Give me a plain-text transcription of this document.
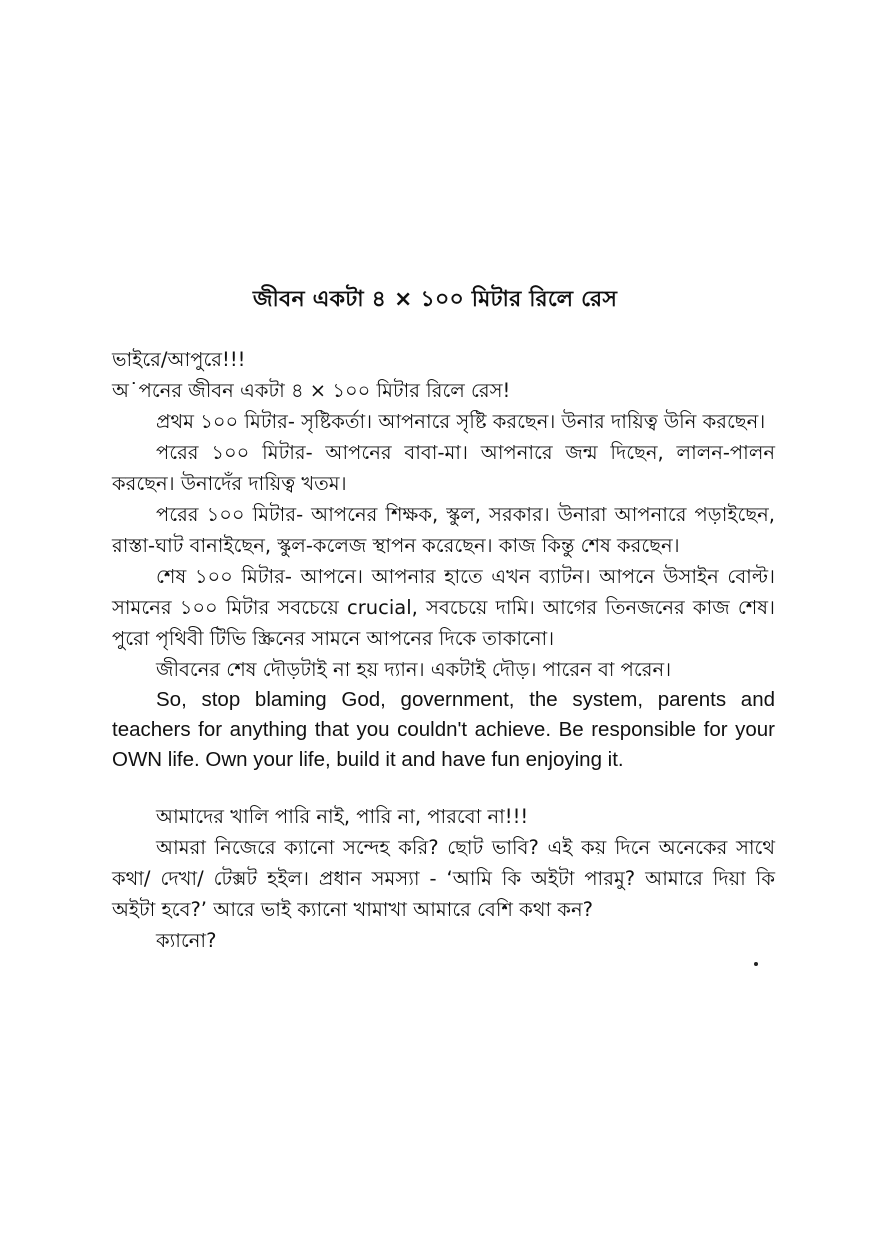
জীবন একটা ৪ × ১০০ মিটার রিলে রেস

ভাইরে/আপুরে!!!

অ˙পনের জীবন একটা ৪ × ১০০ মিটার রিলে রেস!

প্রথম ১০০ মিটার- সৃষ্টিকর্তা। আপনারে সৃষ্টি করছেন। উনার দায়িত্ব উনি করছেন।

পরের ১০০ মিটার- আপনের বাবা-মা। আপনারে জন্ম দিছেন, লালন-পালন করছেন। উনাদেঁর দায়িত্ব খতম।

পরের ১০০ মিটার- আপনের শিক্ষক, স্কুল, সরকার। উনারা আপনারে পড়াইছেন, রাস্তা-ঘাট বানাইছেন, স্কুল-কলেজ স্থাপন করেছেন। কাজ কিন্তু শেষ করছেন।

শেষ ১০০ মিটার- আপনে। আপনার হাতে এখন ব্যাটন। আপনে উসাইন বোল্ট। সামনের ১০০ মিটার সবচেয়ে crucial, সবচেয়ে দামি। আগের তিনজনের কাজ শেষ। পুরো পৃথিবী টিভি স্ক্রিনের সামনে আপনের দিকে তাকানো।

জীবনের শেষ দৌড়টাই না হয় দ্যান। একটাই দৌড়। পারেন বা পরেন।

So, stop blaming God, government, the system, parents and teachers for anything that you couldn't achieve. Be responsible for your OWN life. Own your life, build it and have fun enjoying it.

আমাদের খালি পারি নাই, পারি না, পারবো না!!!

আমরা নিজেরে ক্যানো সন্দেহ করি? ছোট ভাবি? এই কয় দিনে অনেকের সাথে কথা/ দেখা/ টেক্সট হইল। প্রধান সমস্যা - ‘আমি কি অইটা পারমু? আমারে দিয়া কি অইটা হবে?’ আরে ভাই ক্যানো খামাখা আমারে বেশি কথা কন?

ক্যানো?
